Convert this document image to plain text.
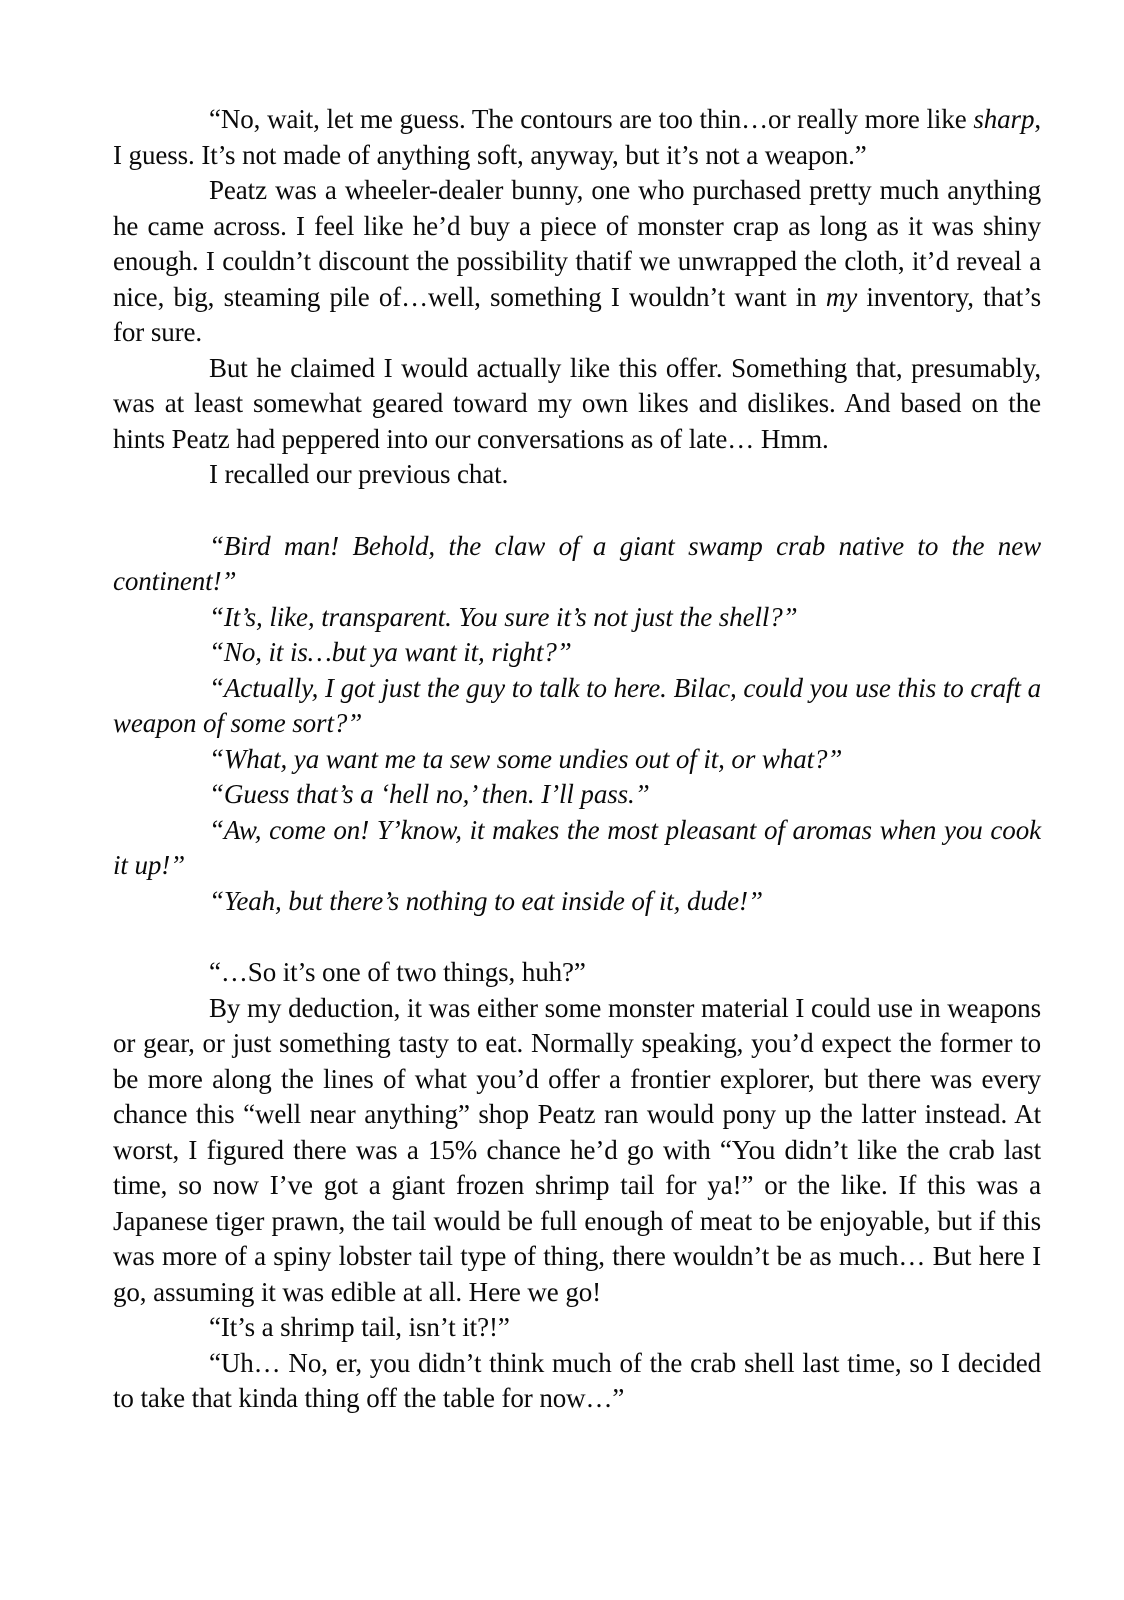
“No, wait, let me guess. The contours are too thin…or really more like sharp, I guess. It’s not made of anything soft, anyway, but it’s not a weapon.”

Peatz was a wheeler-dealer bunny, one who purchased pretty much anything he came across. I feel like he’d buy a piece of monster crap as long as it was shiny enough. I couldn’t discount the possibility thatif we unwrapped the cloth, it’d reveal a nice, big, steaming pile of…well, something I wouldn’t want in my inventory, that’s for sure.

But he claimed I would actually like this offer. Something that, presumably, was at least somewhat geared toward my own likes and dislikes. And based on the hints Peatz had peppered into our conversations as of late… Hmm.

I recalled our previous chat.

“Bird man! Behold, the claw of a giant swamp crab native to the new continent!”

“It’s, like, transparent. You sure it’s not just the shell?”

“No, it is…but ya want it, right?”

“Actually, I got just the guy to talk to here. Bilac, could you use this to craft a weapon of some sort?”

“What, ya want me ta sew some undies out of it, or what?”

“Guess that’s a ‘hell no,’ then. I’ll pass.”

“Aw, come on! Y’know, it makes the most pleasant of aromas when you cook it up!”

“Yeah, but there’s nothing to eat inside of it, dude!”

“…So it’s one of two things, huh?”

By my deduction, it was either some monster material I could use in weapons or gear, or just something tasty to eat. Normally speaking, you’d expect the former to be more along the lines of what you’d offer a frontier explorer, but there was every chance this “well near anything” shop Peatz ran would pony up the latter instead. At worst, I figured there was a 15% chance he’d go with “You didn’t like the crab last time, so now I’ve got a giant frozen shrimp tail for ya!” or the like. If this was a Japanese tiger prawn, the tail would be full enough of meat to be enjoyable, but if this was more of a spiny lobster tail type of thing, there wouldn’t be as much… But here I go, assuming it was edible at all. Here we go!

“It’s a shrimp tail, isn’t it?!”

“Uh… No, er, you didn’t think much of the crab shell last time, so I decided to take that kinda thing off the table for now…”
